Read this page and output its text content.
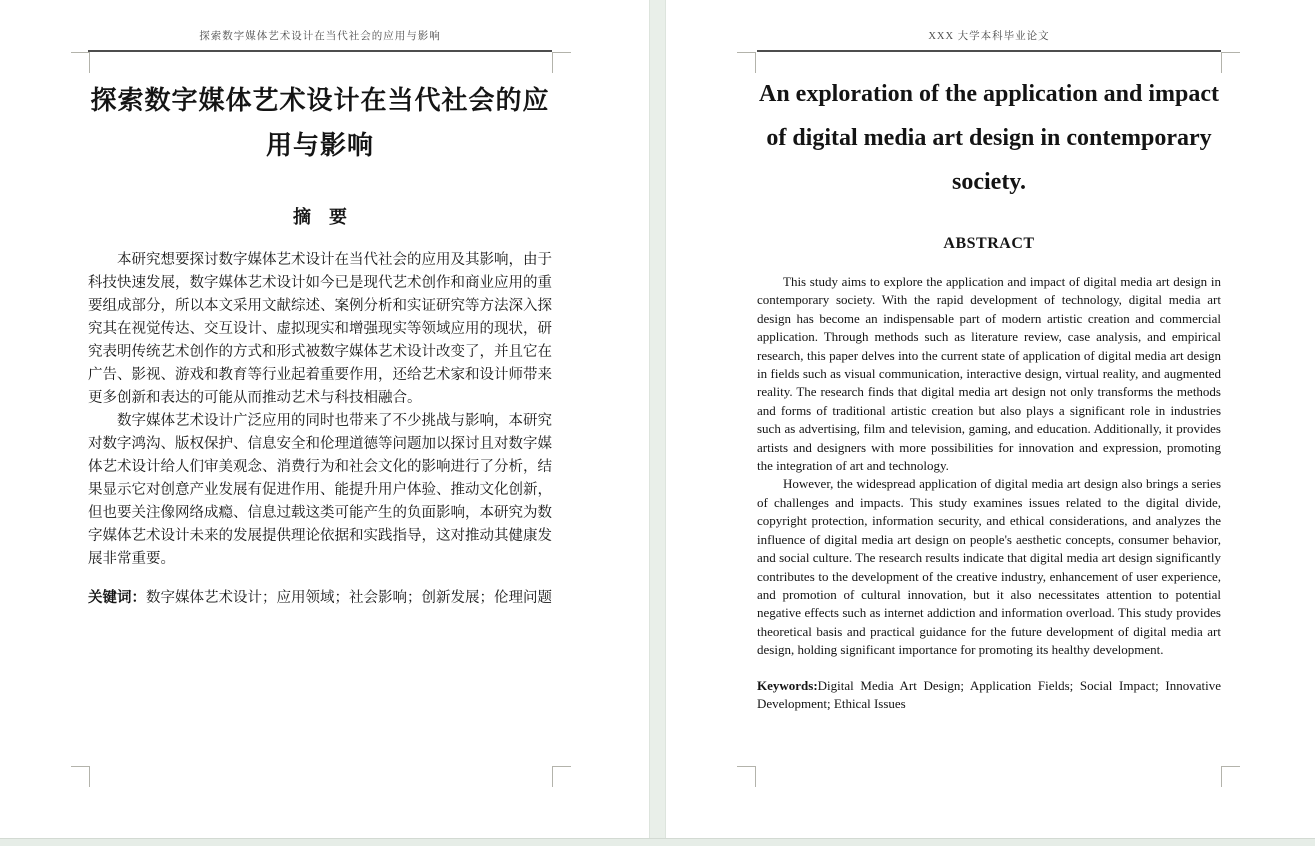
探索数字媒体艺术设计在当代社会的应用与影响	XXX 大学本科毕业论文
探索数字媒体艺术设计在当代社会的应用与影响
摘　要

本研究想要探讨数字媒体艺术设计在当代社会的应用及其影响，由于科技快速发展，数字媒体艺术设计如今已是现代艺术创作和商业应用的重要组成部分，所以本文采用文献综述、案例分析和实证研究等方法深入探究其在视觉传达、交互设计、虚拟现实和增强现实等领域应用的现状，研究表明传统艺术创作的方式和形式被数字媒体艺术设计改变了，并且它在广告、影视、游戏和教育等行业起着重要作用，还给艺术家和设计师带来更多创新和表达的可能从而推动艺术与科技相融合。

数字媒体艺术设计广泛应用的同时也带来了不少挑战与影响，本研究对数字鸿沟、版权保护、信息安全和伦理道德等问题加以探讨且对数字媒体艺术设计给人们审美观念、消费行为和社会文化的影响进行了分析，结果显示它对创意产业发展有促进作用、能提升用户体验、推动文化创新，但也要关注像网络成瘾、信息过载这类可能产生的负面影响，本研究为数字媒体艺术设计未来的发展提供理论依据和实践指导，这对推动其健康发展非常重要。

关键词：数字媒体艺术设计；应用领域；社会影响；创新发展；伦理问题
An exploration of the application and impact of digital media art design in contemporary society.
ABSTRACT

This study aims to explore the application and impact of digital media art design in contemporary society. With the rapid development of technology, digital media art design has become an indispensable part of modern artistic creation and commercial application. Through methods such as literature review, case analysis, and empirical research, this paper delves into the current state of application of digital media art design in fields such as visual communication, interactive design, virtual reality, and augmented reality. The research finds that digital media art design not only transforms the methods and forms of traditional artistic creation but also plays a significant role in industries such as advertising, film and television, gaming, and education. Additionally, it provides artists and designers with more possibilities for innovation and expression, promoting the integration of art and technology.

However, the widespread application of digital media art design also brings a series of challenges and impacts. This study examines issues related to the digital divide, copyright protection, information security, and ethical considerations, and analyzes the influence of digital media art design on people's aesthetic concepts, consumer behavior, and social culture. The research results indicate that digital media art design significantly contributes to the development of the creative industry, enhancement of user experience, and promotion of cultural innovation, but it also necessitates attention to potential negative effects such as internet addiction and information overload. This study provides theoretical basis and practical guidance for the future development of digital media art design, holding significant importance for promoting its healthy development.

Keywords:Digital Media Art Design; Application Fields; Social Impact; Innovative Development; Ethical Issues
